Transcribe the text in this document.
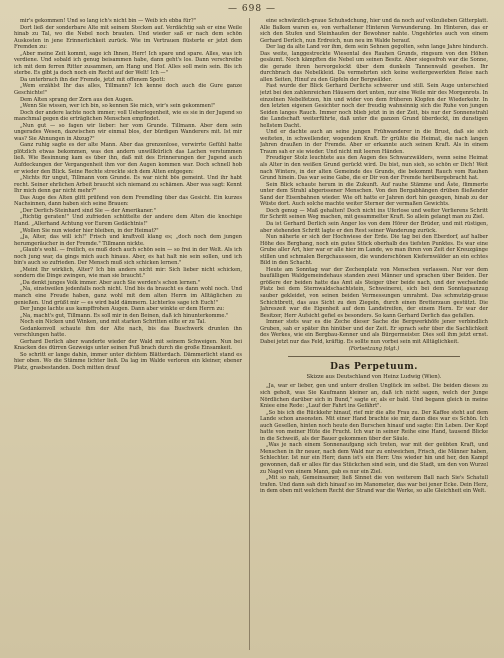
— 698 —

mir's gekommen! Und so lang ich's nicht bin — Weib ich ebba für?"

Dort ließ der sonderbare Alte mit seinem Stecken auf. Verdächtig sah er eine Weile hinab zu Tal, wo die Nebel noch brauten. Und wieder saß er nach dem schön Auskosten in jene Erinnerlichkeit zurück. Wie im Vertrauen flüsterte er jetzt dem Fremden zu:

„Aber meine Zeit kommt, sage ich Ihnen, Herr! Ich spare und spare. Alles, was ich verdiene. Und sobald ich genug beisammen habe, dann geht's los. Dann verschreibe ich mit dem ferren Ritter zusammen, am Hang und Hof. Alles soll mein sein. Bis ich sterbe. Es gibt ja doch noch ein Recht auf der Welt! Ich —"

Da unterbrach ihn der Fremde, jetzt mit offenem Spott:

„Wem erzählst Ihr das alles, Tillmann? Ich kenne doch auch die Gure ganze Geschichte!"

Dem Alten sprang der Zorn aus den Augen.

„Wenn Sie wissen, wer ich bin, so kennen Sie mich, wir's sein gekommen!"

Doch der andere lachte noch immer; voll Ueberlegenheit, wie es sie in der Jugend so manchmal gegen die erträglichen Menschen empfindet.

„Nun gut — so fagen wir lieber: her vom Grunde. Tillmann. Aber dem sein ungerades Wesen, dazwischen wir einmal blos, der bürdigen Wanderers mit. Ist mir was? Sie Ahnungen in Abzug?"

Ganz ruhig sagte es der alte Mann. Aber das grenzenlose, verwirrte Gefühl hatte plötzlich etwas bekommen, was den andern unwillkürlich das Lachen verstummen ließ. Wie Besinnung kam es über ihn, daß mit des Erinnerungen der Jugend auch Aufdeckungen der Vergangenheit ihm vor den Augen kommen war. Doch schnell hob er wieder den Blick. Seine Rechte streckte sich dem Alten entgegen:

„Nichts für ungut, Tillmann vom Grunde. Es war nicht bös gemeint. Und ihr habt recht. Seiner ehrlichen Arbeit braucht sich niemand zu schämen. Aber was sagt: Kennt Ihr mich denn gar nicht mehr?"

Das Auge des Alten glitt prüfend von dem Fremdling über das Gesicht. Ein kurzes Nachsinnen, dann haben sich seine Brauen:

„Der Derlich-Steinhard sind Sie — der Amerikaner."

„Richtig geraten!" Und zufrieden schüttelte der andere dem Alten die knochige Hand. „Allerhand Achtung vor Eurem Gedächtnis!"

„Wollen Sie nun wieder hier bleiben, in der Heimat?"

„Ja, Alter, das will ich!" Frisch und kraftvoll klang es; „doch noch dem jungen herumgeräucher in der Fremde." Tillmann nickte.

„Glaub's wohl. — freilich, es muß doch auch schön sein — so frei in der Welt. Als ich noch jung war, da gings mich auch hinaus. Aber, es hat halt nie sein sollen, und ich bin's auch so zufrieden. Der Mensch muß sich schicken lernen."

„Meint Ihr wirklich, Alter? Ich bin anders nicht mir: Sich lieber nicht schicken, sondern die Dinge zwingen, wie man sie braucht."

„Da denkt junges Volk immer. Aber auch Sie werden's schon lernen."

„Na, einstweilen jedenfalls noch nicht. Und bis da braucht es dann wohl noch. Und manch eine Freude haben, ganz wohl mit dem alten Herrn im Alltäglichen zu genießen. Und grüßt mir — es wird bald dämmern. Lichterlos sage ich Euch!"

Der Junge lachte aus kampffrohen Augen. Dann aber winkte er dem Herrn zu:

„Na, macht's gut, Tillmann. Es soll mir in den Beinen, daß ich hinunterkomme."

Noch ein Nicken und Winken, und mit starken Schritten eilte er zu Tal.

Gedankenvoll schaute ihm der Alte nach, bis das Buschwerk drunten ihn verschlungen hatte.

Gerhard Derlich aber wanderte wieder der Wald mit seinem Schweigen. Nun bei Knacken des dürren Gezweigs unter seinen Fuß brach durch die große Einsamkeit.

So schritt er lange dahin, immer unter dichtem Blätterdach. Dämmerlicht stand es hier oben. Wo die Stämme lichter ließ. Da lag im Walde verloren ein kleiner, ebener Platz, grasbestanden. Doch mitten drauf

eine schwärzlich-graue Schuhsdchung, hier und da noch auf vollzulieben Gitterplatt. Alle Balken waren es, von verhaltener Hinteren Verwunderung. Im Hinteren, das er sich den Stufen und Steinhaufen der Bewohner nahte. Ungehörtes auch von einem Gerhard Derlich, nun Erdreich, nun neu im Walde herauf.

Der lag da alte Land vor ihm, dem sein Sehnen gegolten, sehn lange Jahre hindurch. Das weite, langgestreckte Wiesental des Rauhen Grunds, ringsum von den Höhen gesäumt. Noch kämpften die Nebel um seinen Besitz. Aber siegesfroh war die Sonne, die gerade ihren hervorgelockt über dem dunkeln Tannenwald gesehen. Ihr durchbrach das Nebelkleid. Da vermehrten sich keine weitergewerkten Reise nach allen Seiten, Hinuf zu den Gipfeln der Bergwälder.

Fast wurde der Blick Gerhard Derlichs schwerer und still. Sein Auge unterschied jetzt bei den zahlenreichen Häusern dort unten, nur eine Weile mir des Morgenrots. In einzelnen Nebelfetzen, hin und wider von dem früheren Klopfen der Wiederkehr. In den letzten eigenen Gesichter noch der freudig wahnsinnig sich die Ruhe von jungen Seiden langes Rauch. Immer noch blieb jetzt in in der Zeit, bis nur der Sonnenstrahl die Landschaft weiterführte, daß unter die ganzen Grund überdeckt, im dunstigen hellstem Dacht.

Und er dachte auch an seine jungen Frühwanderer in die Brust, daß sie sich weiteten, in schwellender, wogendem Kraft. Er grüßte die Heimat, die nach langen Jahren draußen in der Fremde. Aber er erkannte auch seinen Kraft. Als in einem Traum sah er sie wieder. Und nicht mit leeren Händen.

Freudiger Stolz leuchtete aus den Augen des Schwarzwälders, wenn seine Heimat als Alter in den weißen Grund gerückt wird. Du bist, nun sieh, so schön er Dich! Weit nach Winters, in der alten Gemeinde des Grunds, die bekommt Rauch vom Rauhen Grund hinein. Das war seine Gabe, die er Dir von der Fremde herübergebracht hat.

Sein Blick schaute herum in die Zukunft. Auf rauhe Stämme und Äste, flimmerte unter dem Strahl abgerissener Menschen. Von den Bergabhängen drüben fließender Sand der Eisenbahnen wieder. Wie oft hatte er Jahren dort hin gezogen, hinab zu der Wüste dort. Auch solche machte weiter Sterner der vermaßen Gewichts.

Doch genug — Maß gehalten! Doch nicht ins Uferlose und weiter Verlierens Schritt für Schritt seinen Weg machen, mit gesammelter Kraft. So allein gelangt man zu Ziel.

Da ist Gerhard Derlich sein Anger los von dem Hörer der Brüder, und mit rüstigen, aber stehenden Schritt lagte er den Rest seiner Wanderung zurück.

Nun näherte er sich der Hochwiese der Erde. Die tag bei den Eberdorf, auf halber Höhe des Berghang, noch ein gutes Stück oberhalb des tiefsten Punktes. Es war eine Grube aller Art, hier war er alle hier im Lande, wo man ihren von Zeit der Kreuzgänge stillen und schmalen Bergchausseen, die wunderschönen Kiefernwälder an ein echtes Bild in den Schacht.

Heute am Sonntag war der Zechenplatz von Menschen verlassen. Nur vor dem baufälligen Waldgemeindehaus standen zwei Männer und sprachen über Beiden. Der größere der beiden hatte das Amt als Steiger über beide nach, und der wechselnde Platz bei dem Sternwaldschachtstein, Schweinerei, sich bei dem Sonntagsanzug sauber gekleidet, von seinen beiden Vermessungen umrahmt. Das schmutzig-graue Schichtbrett, das aus Sicht zu den Ziegeln, durch einen Bretterzaun gestützt. Die Jahreszeit war die Eigenheit auf dem Landstreifen, der einem Hern. Er war der Besitzer, Herr Aufsicht gefiel es besonders. So kann Gerhard Derlich das gefallen.

Immer stets war es die Zeche dieser Sache die Bergwerkhöfe jener verbindlich Gruben, sah er später ihn hinüber und der Zeit. Er sprach sehr über die Sachlichkeit des Werkes, wie ein Bergbau-Kenner und als Bürgermeister. Dies soll ihm jetzt ernst. Dabei jetzt nur das Feld, kräftig. Es sollte nun vorbei sein mit Alltäglichkeit.

(Fortsetzung folgt.)

Das Perpetuum.

Skizze aus Deutschland von Heinz Ludwig (Wien).

„Ja, war er lieber, gen und unterr drollen Unglück im selbst. Die beiden dieses zu sich geholt, was Sie Kaufmann kleiner an, daß ich nicht sagen, welch der Junge Nördlichen darüber sich in Bund," sagte er, als er bald. Und begann gleich in meine Kniee eine Rede: „Lauf der Fahrt ins Gefährt".

„So bis ich die Rückkehr hinauf, rief mir die alte Frau zu. Der Kaffee steht auf dem Lande schon ansonsten. Mit einer Hand brachte sie mir, dann dies war es Schön. Ich auch Gesellen, hinten noch heute den Burschen hinauf und sagte: Ein Leben. Der Kopf hatte von meiner Hüte die Frucht. Ich war in seiner Reihe eine Hand, tausend Blicke in die Schweiß, als der Bauer gekommen über der Säule.

„Was je nach einem Sonnenaufgang sich treten, war mit der geübten Kraft, und Menschen in ihr neuer, nach dem Wald nur zu entweichen, Frisch, die Männer haben, Schlechter. Ist nur ein Herr, dann ist's ein Herr. Uns wieder hin und her, den Kampf gewonnen, daß er alles für das Stückchen sind sein, und die Stadt, um den von Wurzel zu Nagel von einem Mann, gab es nur ein Ziel.

„Mit so nah, Gemeinsamer, ließ Sinnet die von weiterem Ball nach Sie's Schatull trafen. Und dann sah dich hinauf so im Manometer, das war bei jener Ecke. Dein Herz, in dem oben mit welchem Recht der Strand war die Werke, so alle Gleichheit ein Welt.
